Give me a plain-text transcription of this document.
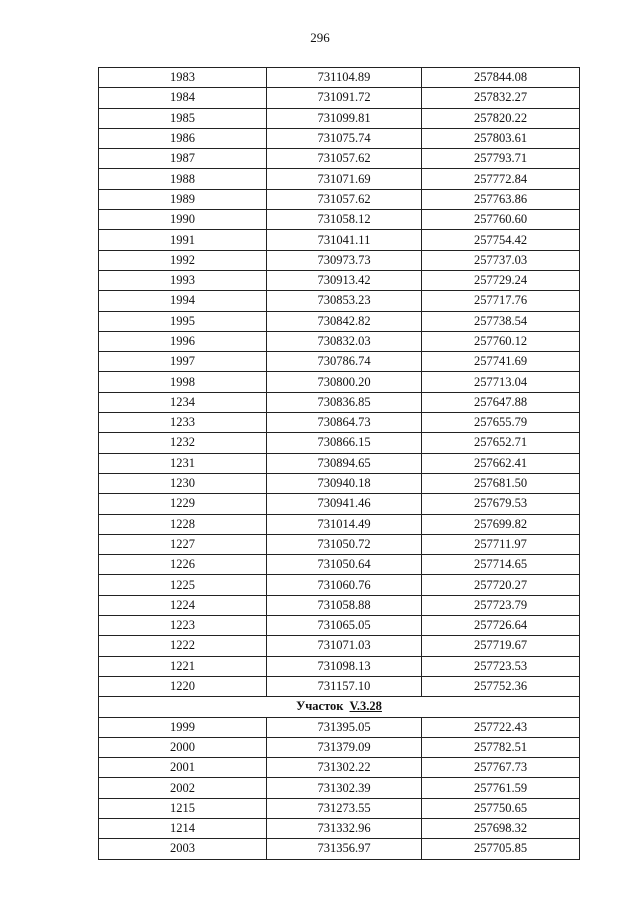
296
1983	731104.89	257844.08
1984	731091.72	257832.27
1985	731099.81	257820.22
1986	731075.74	257803.61
1987	731057.62	257793.71
1988	731071.69	257772.84
1989	731057.62	257763.86
1990	731058.12	257760.60
1991	731041.11	257754.42
1992	730973.73	257737.03
1993	730913.42	257729.24
1994	730853.23	257717.76
1995	730842.82	257738.54
1996	730832.03	257760.12
1997	730786.74	257741.69
1998	730800.20	257713.04
1234	730836.85	257647.88
1233	730864.73	257655.79
1232	730866.15	257652.71
1231	730894.65	257662.41
1230	730940.18	257681.50
1229	730941.46	257679.53
1228	731014.49	257699.82
1227	731050.72	257711.97
1226	731050.64	257714.65
1225	731060.76	257720.27
1224	731058.88	257723.79
1223	731065.05	257726.64
1222	731071.03	257719.67
1221	731098.13	257723.53
1220	731157.10	257752.36
Участок V.3.28		
1999	731395.05	257722.43
2000	731379.09	257782.51
2001	731302.22	257767.73
2002	731302.39	257761.59
1215	731273.55	257750.65
1214	731332.96	257698.32
2003	731356.97	257705.85
